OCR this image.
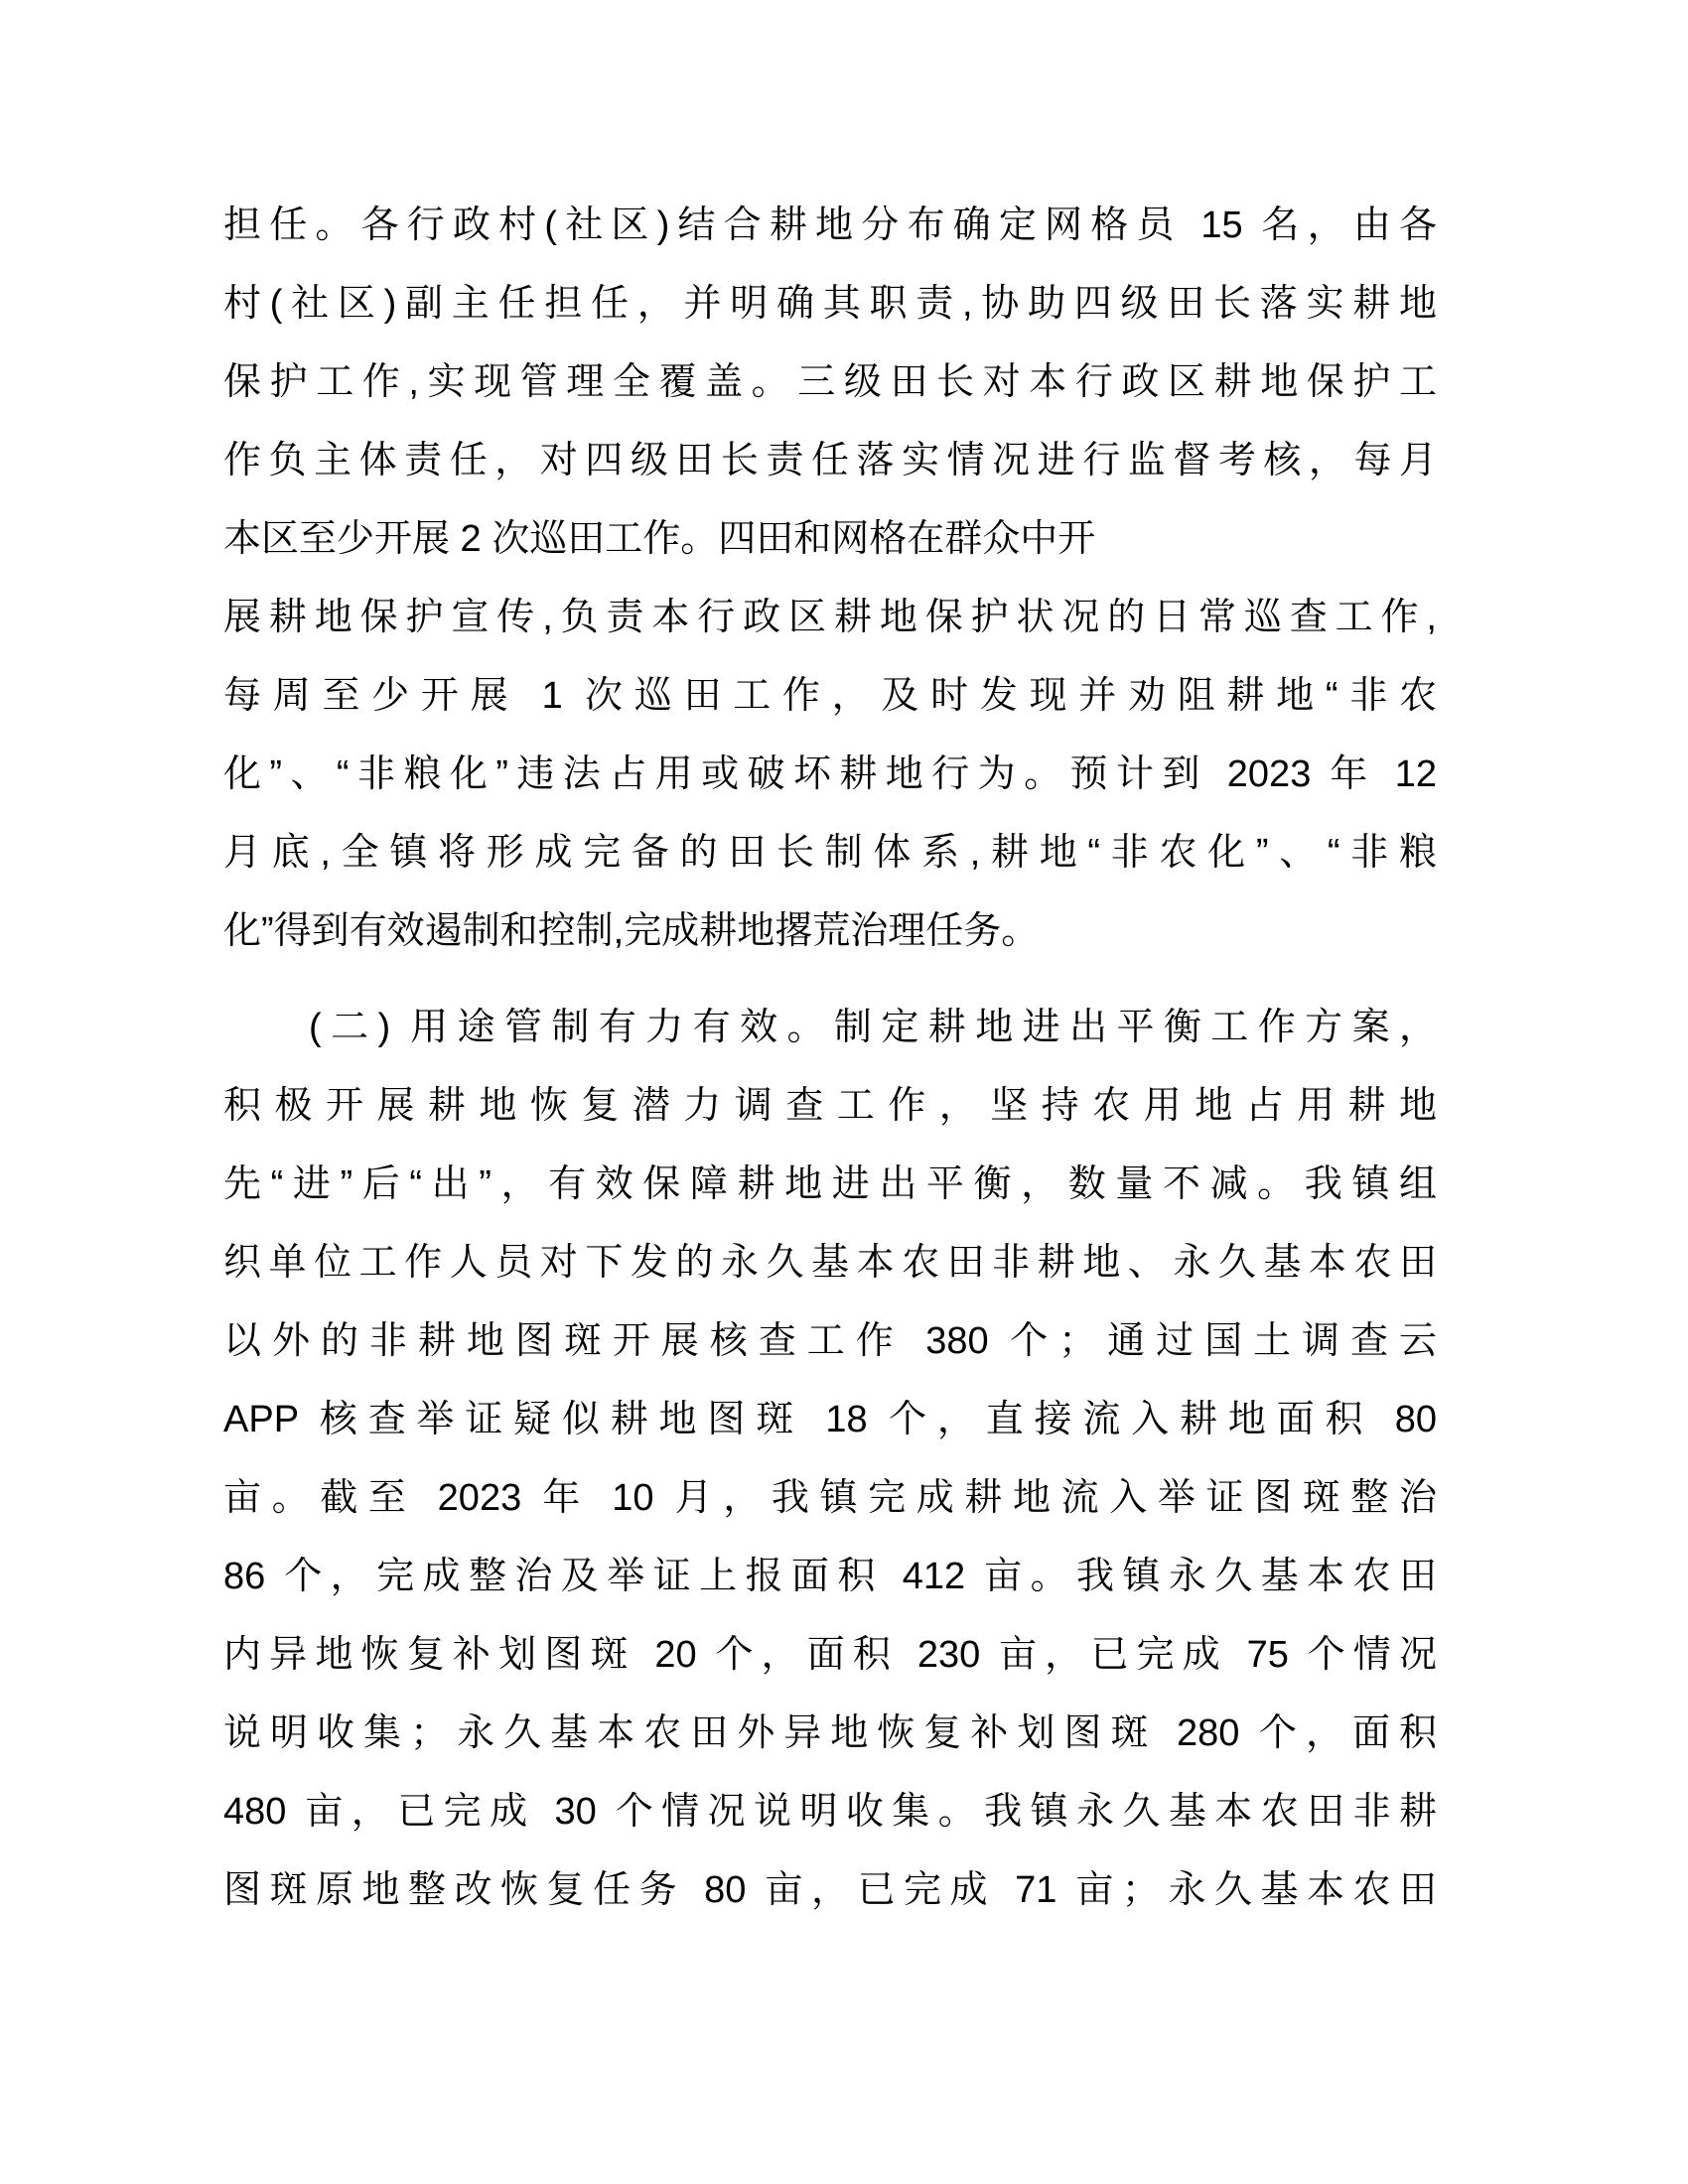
担任。各行政村(社区)结合耕地分布确定网格员 15 名，由各
村(社区)副主任担任，并明确其职责,协助四级田长落实耕地
保护工作,实现管理全覆盖。三级田长对本行政区耕地保护工
作负主体责任，对四级田长责任落实情况进行监督考核，每月
本区至少开展 2 次巡田工作。四田和网格在群众中开
展耕地保护宣传,负责本行政区耕地保护状况的日常巡查工作,
每周至少开展 1 次巡田工作，及时发现并劝阻耕地“非农
化”、“非粮化”违法占用或破坏耕地行为。预计到 2023 年 12
月底,全镇将形成完备的田长制体系,耕地“非农化”、“非粮
化”得到有效遏制和控制,完成耕地撂荒治理任务。
(二) 用途管制有力有效。制定耕地进出平衡工作方案，
积极开展耕地恢复潜力调查工作，坚持农用地占用耕地
先“进”后“出”，有效保障耕地进出平衡，数量不减。我镇组
织单位工作人员对下发的永久基本农田非耕地、永久基本农田
以外的非耕地图斑开展核查工作 380 个；通过国土调查云
APP 核查举证疑似耕地图斑 18 个，直接流入耕地面积 80
亩。截至 2023 年 10 月，我镇完成耕地流入举证图斑整治
86 个，完成整治及举证上报面积 412 亩。我镇永久基本农田
内异地恢复补划图斑 20 个，面积 230 亩，已完成 75 个情况
说明收集；永久基本农田外异地恢复补划图斑 280 个，面积
480 亩，已完成 30 个情况说明收集。我镇永久基本农田非耕
图斑原地整改恢复任务 80 亩，已完成 71 亩；永久基本农田
